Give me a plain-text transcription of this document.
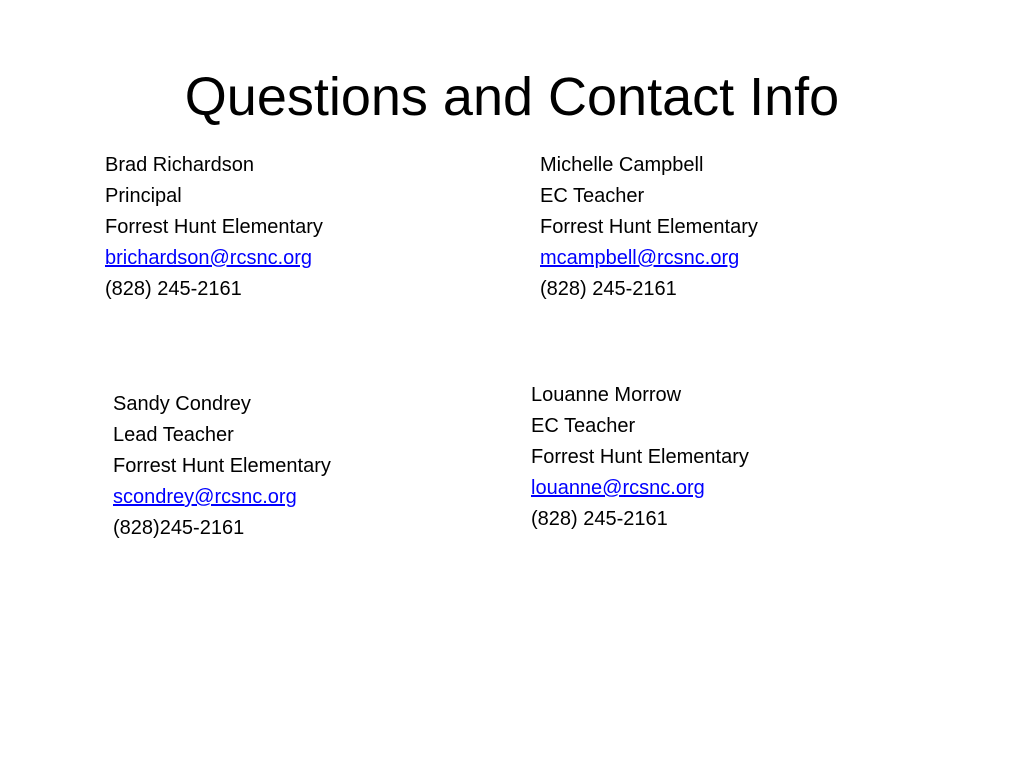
Questions and Contact Info
Brad Richardson
Principal
Forrest Hunt Elementary
brichardson@rcsnc.org
(828) 245-2161
Michelle Campbell
EC Teacher
Forrest Hunt Elementary
mcampbell@rcsnc.org
(828) 245-2161
Sandy Condrey
Lead Teacher
Forrest Hunt Elementary
scondrey@rcsnc.org
(828)245-2161
Louanne Morrow
EC Teacher
Forrest Hunt Elementary
louanne@rcsnc.org
(828) 245-2161
